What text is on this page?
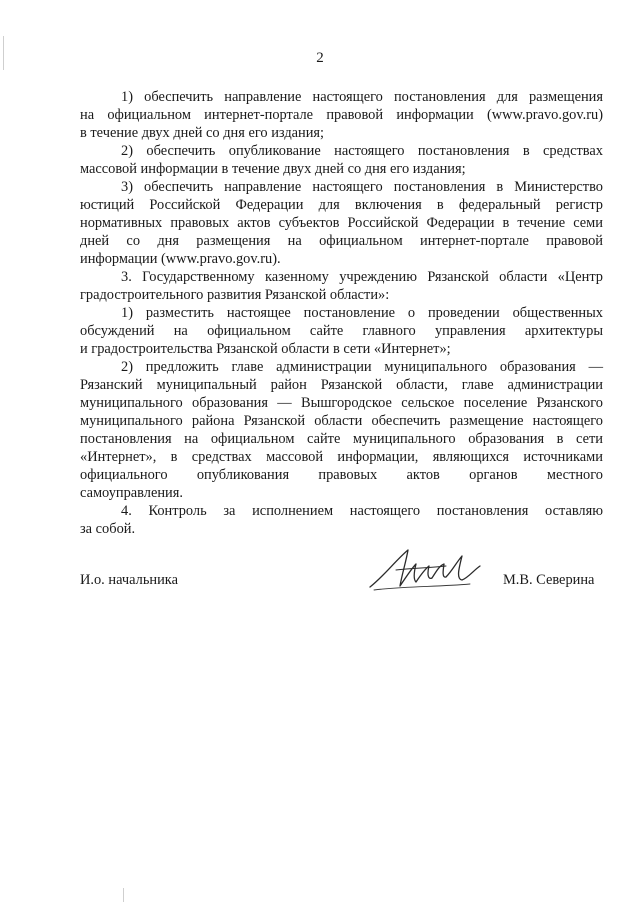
2
1) обеспечить направление настоящего постановления для размещения
на официальном интернет-портале правовой информации (www.pravo.gov.ru)
в течение двух дней со дня его издания;
2) обеспечить опубликование настоящего постановления в средствах
массовой информации в течение двух дней со дня его издания;
3) обеспечить направление настоящего постановления в Министерство
юстиций Российской Федерации для включения в федеральный регистр
нормативных правовых актов субъектов Российской Федерации в течение семи
дней со дня размещения на официальном интернет-портале правовой
информации (www.pravo.gov.ru).
3. Государственному казенному учреждению Рязанской области «Центр
градостроительного развития Рязанской области»:
1) разместить настоящее постановление о проведении общественных
обсуждений на официальном сайте главного управления архитектуры
и градостроительства Рязанской области в сети «Интернет»;
2) предложить главе администрации муниципального образования —
Рязанский муниципальный район Рязанской области, главе администрации
муниципального образования — Вышгородское сельское поселение Рязанского
муниципального района Рязанской области обеспечить размещение настоящего
постановления на официальном сайте муниципального образования в сети
«Интернет», в средствах массовой информации, являющихся источниками
официального опубликования правовых актов органов местного
самоуправления.
4. Контроль за исполнением настоящего постановления оставляю
за собой.
И.о. начальника	М.В. Северина
